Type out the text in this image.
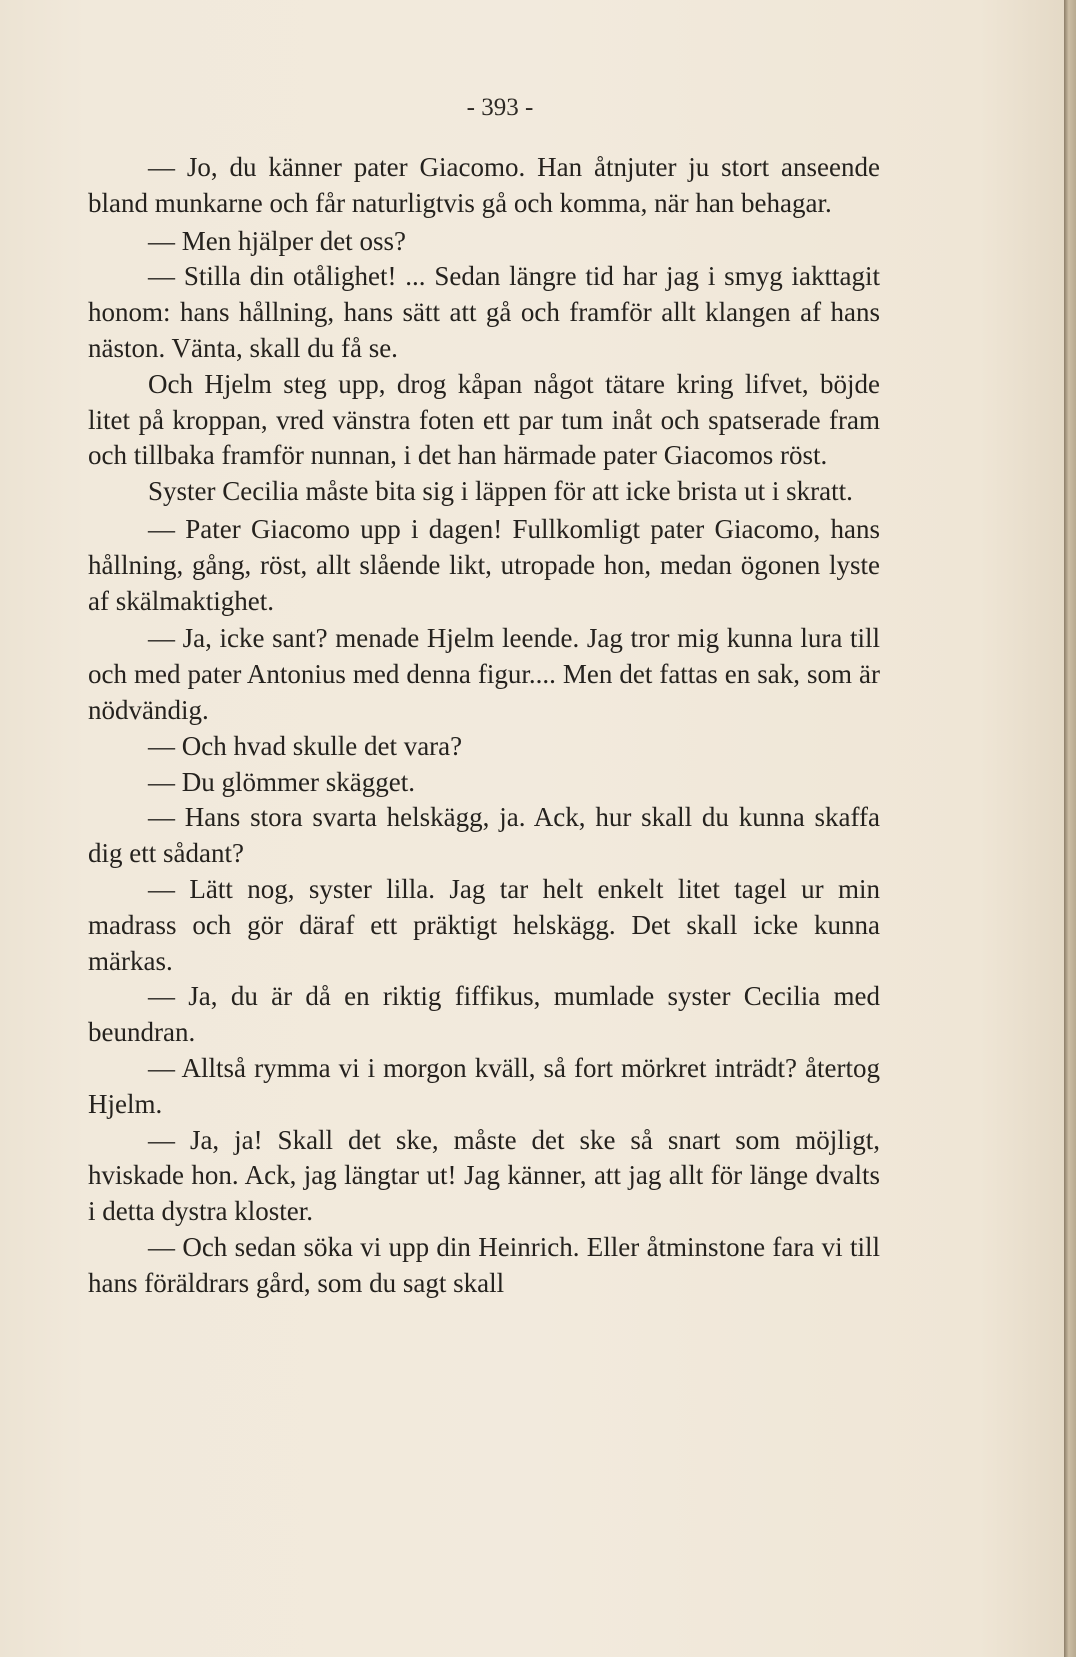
- 393 -

— Jo, du känner pater Giacomo. Han åtnjuter ju stort anseende bland munkarne och får naturligtvis gå och komma, när han behagar.

— Men hjälper det oss?

— Stilla din otålighet! ... Sedan längre tid har jag i smyg iakttagit honom: hans hållning, hans sätt att gå och framför allt klangen af hans näston. Vänta, skall du få se.

Och Hjelm steg upp, drog kåpan något tätare kring lifvet, böjde litet på kroppan, vred vänstra foten ett par tum inåt och spatserade fram och tillbaka framför nunnan, i det han härmade pater Giacomos röst.

Syster Cecilia måste bita sig i läppen för att icke brista ut i skratt.

— Pater Giacomo upp i dagen! Fullkomligt pater Giacomo, hans hållning, gång, röst, allt slående likt, utropade hon, medan ögonen lyste af skälmaktighet.

— Ja, icke sant? menade Hjelm leende. Jag tror mig kunna lura till och med pater Antonius med denna figur.... Men det fattas en sak, som är nödvändig.

— Och hvad skulle det vara?

— Du glömmer skägget.

— Hans stora svarta helskägg, ja. Ack, hur skall du kunna skaffa dig ett sådant?

— Lätt nog, syster lilla. Jag tar helt enkelt litet tagel ur min madrass och gör däraf ett präktigt helskägg. Det skall icke kunna märkas.

— Ja, du är då en riktig fiffikus, mumlade syster Cecilia med beundran.

— Alltså rymma vi i morgon kväll, så fort mörkret inträdt? återtog Hjelm.

— Ja, ja! Skall det ske, måste det ske så snart som möjligt, hviskade hon. Ack, jag längtar ut! Jag känner, att jag allt för länge dvalts i detta dystra kloster.

— Och sedan söka vi upp din Heinrich. Eller åtminstone fara vi till hans föräldrars gård, som du sagt skall
